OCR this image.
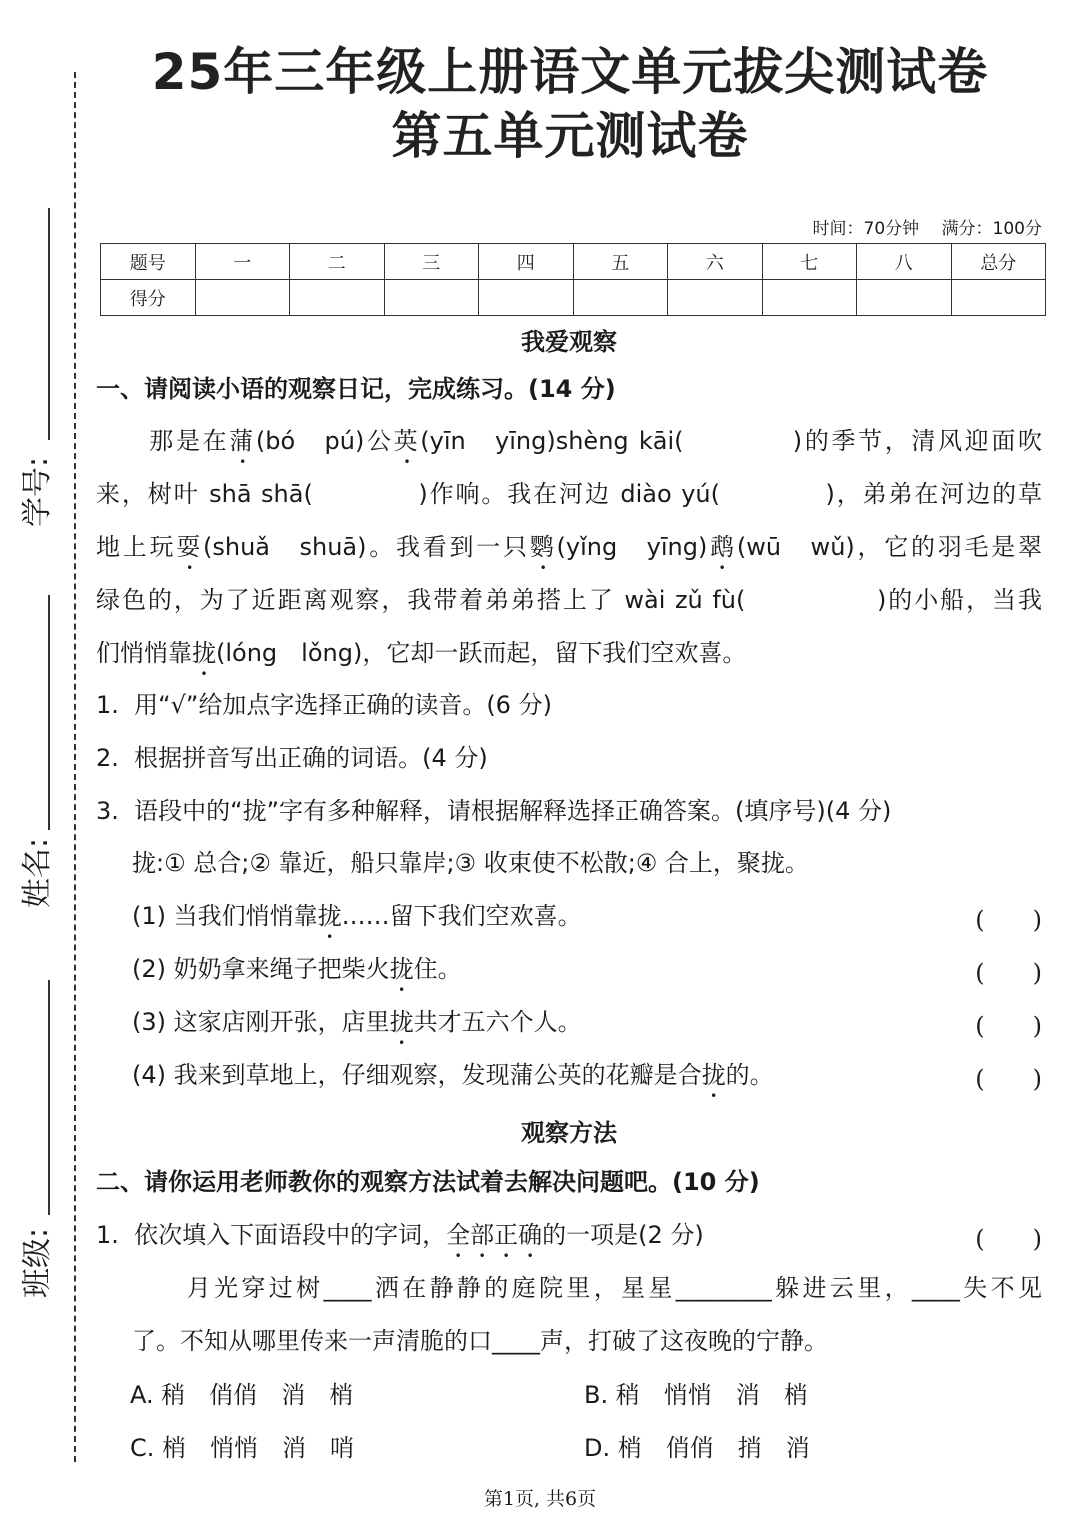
25年三年级上册语文单元拔尖测试卷
第五单元测试卷
学号:
姓名:
班级:
时间：70分钟　 满分：100分
题号	一	二	三	四	五	六	七	八	总分
得分									
我爱观察
一、请阅读小语的观察日记，完成练习。(14 分)
　　那是在蒲(bó　pú)公英(yīn　yīng)shèng kāi(　　　　)的季节，清风迎面吹
来，树叶 shā shā(　　　　)作响。我在河边 diào yú(　　　　)，弟弟在河边的草
地上玩耍(shuǎ　shuā)。我看到一只鹦(yǐng　yīng)鹉(wū　wǔ)，它的羽毛是翠
绿色的，为了近距离观察，我带着弟弟搭上了 wài zǔ fù(　　　　　)的小船，当我
们悄悄靠拢(lóng　lǒng)，它却一跃而起，留下我们空欢喜。
1.  用“√”给加点字选择正确的读音。(6 分)
2.  根据拼音写出正确的词语。(4 分)
3.  语段中的“拢”字有多种解释，请根据解释选择正确答案。(填序号)(4 分)
拢:① 总合;② 靠近，船只靠岸;③ 收束使不松散;④ 合上，聚拢。
(1) 当我们悄悄靠拢……留下我们空欢喜。	(　　)
(2) 奶奶拿来绳子把柴火拢住。	(　　)
(3) 这家店刚开张，店里拢共才五六个人。	(　　)
(4) 我来到草地上，仔细观察，发现蒲公英的花瓣是合拢的。	(　　)
观察方法
二、请你运用老师教你的观察方法试着去解决问题吧。(10 分)
1.  依次填入下面语段中的字词，全部正确的一项是(2 分)	(　　)
　　月光穿过树____洒在静静的庭院里，星星________躲进云里，____失不见
了。不知从哪里传来一声清脆的口____声，打破了这夜晚的宁静。
A. 稍　俏俏　消　梢	B. 稍　悄悄　消　梢
C. 梢　悄悄　消　哨	D. 梢　俏俏　捎　消
第1页, 共6页
